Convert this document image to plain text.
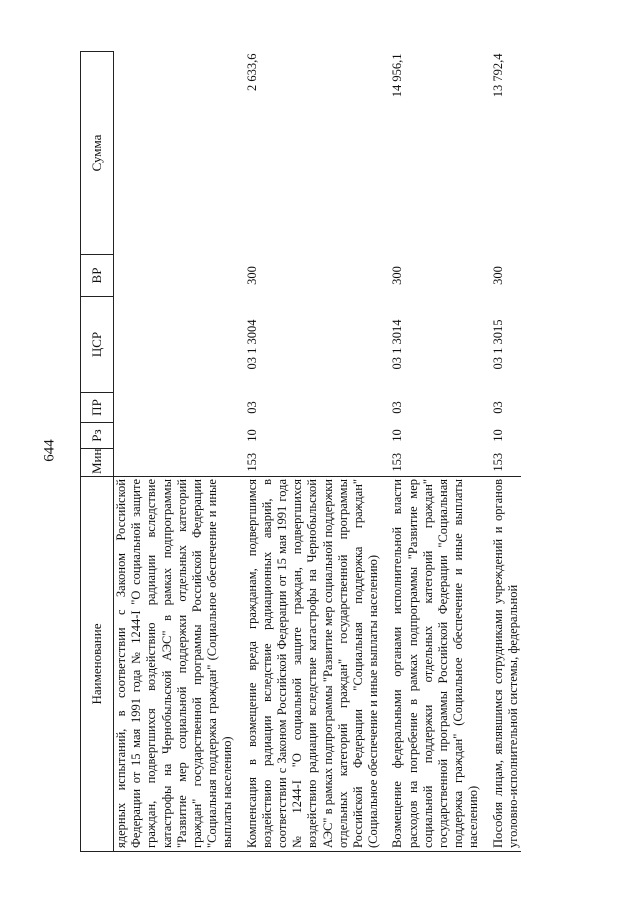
644
Наименование	Мин	Рз	ПР	ЦСР	ВР	Сумма
ядерных испытаний, в соответствии с Законом Российской Федерации от 15 мая 1991 года № 1244-I "О социальной защите граждан, подвергшихся воздействию радиации вследствие катастрофы на Чернобыльской АЭС" в рамках подпрограммы "Развитие мер социальной поддержки отдельных категорий граждан" государственной программы Российской Федерации "Социальная поддержка граждан" (Социальное обеспечение и иные выплаты населению)						
Компенсация в возмещение вреда гражданам, подвергшимся воздействию радиации вследствие радиационных аварий, в соответствии с Законом Российской Федерации от 15 мая 1991 года № 1244-I "О социальной защите граждан, подвергшихся воздействию радиации вследствие катастрофы на Чернобыльской АЭС" в рамках подпрограммы "Развитие мер социальной поддержки отдельных категорий граждан" государственной программы Российской Федерации "Социальная поддержка граждан" (Социальное обеспечение и иные выплаты населению)	153	10	03	03 1 3004	300	2 633,6
Возмещение федеральными органами исполнительной власти расходов на погребение в рамках подпрограммы "Развитие мер социальной поддержки отдельных категорий граждан" государственной программы Российской Федерации "Социальная поддержка граждан" (Социальное обеспечение и иные выплаты населению)	153	10	03	03 1 3014	300	14 956,1
Пособия лицам, являвшимся сотрудниками учреждений и органов уголовно-исполнительной системы, федеральной	153	10	03	03 1 3015	300	13 792,4
